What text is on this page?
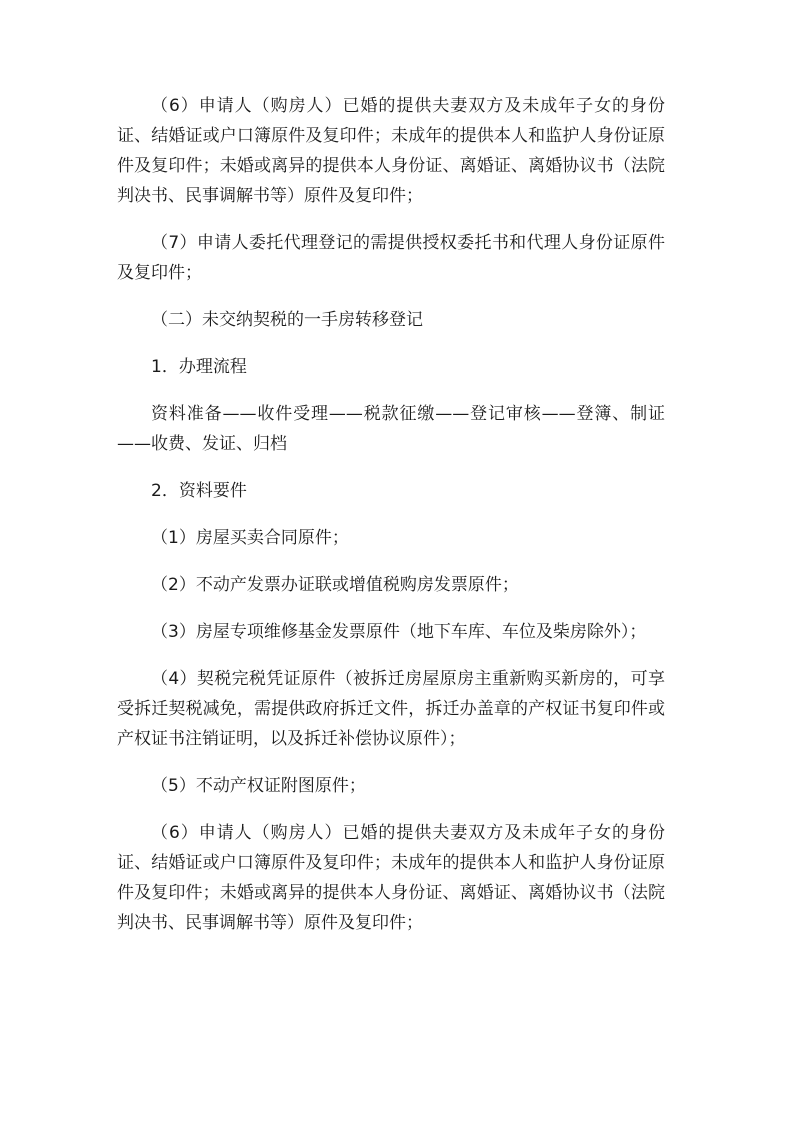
（6）申请人（购房人）已婚的提供夫妻双方及未成年子女的身份证、结婚证或户口簿原件及复印件；未成年的提供本人和监护人身份证原件及复印件；未婚或离异的提供本人身份证、离婚证、离婚协议书（法院判决书、民事调解书等）原件及复印件；

（7）申请人委托代理登记的需提供授权委托书和代理人身份证原件及复印件；

（二）未交纳契税的一手房转移登记

1．办理流程

资料准备——收件受理——税款征缴——登记审核——登簿、制证——收费、发证、归档

2．资料要件

（1）房屋买卖合同原件；

（2）不动产发票办证联或增值税购房发票原件；

（3）房屋专项维修基金发票原件（地下车库、车位及柴房除外）；

（4）契税完税凭证原件（被拆迁房屋原房主重新购买新房的，可享受拆迁契税减免，需提供政府拆迁文件，拆迁办盖章的产权证书复印件或产权证书注销证明，以及拆迁补偿协议原件）；

（5）不动产权证附图原件；

（6）申请人（购房人）已婚的提供夫妻双方及未成年子女的身份证、结婚证或户口簿原件及复印件；未成年的提供本人和监护人身份证原件及复印件；未婚或离异的提供本人身份证、离婚证、离婚协议书（法院判决书、民事调解书等）原件及复印件；
